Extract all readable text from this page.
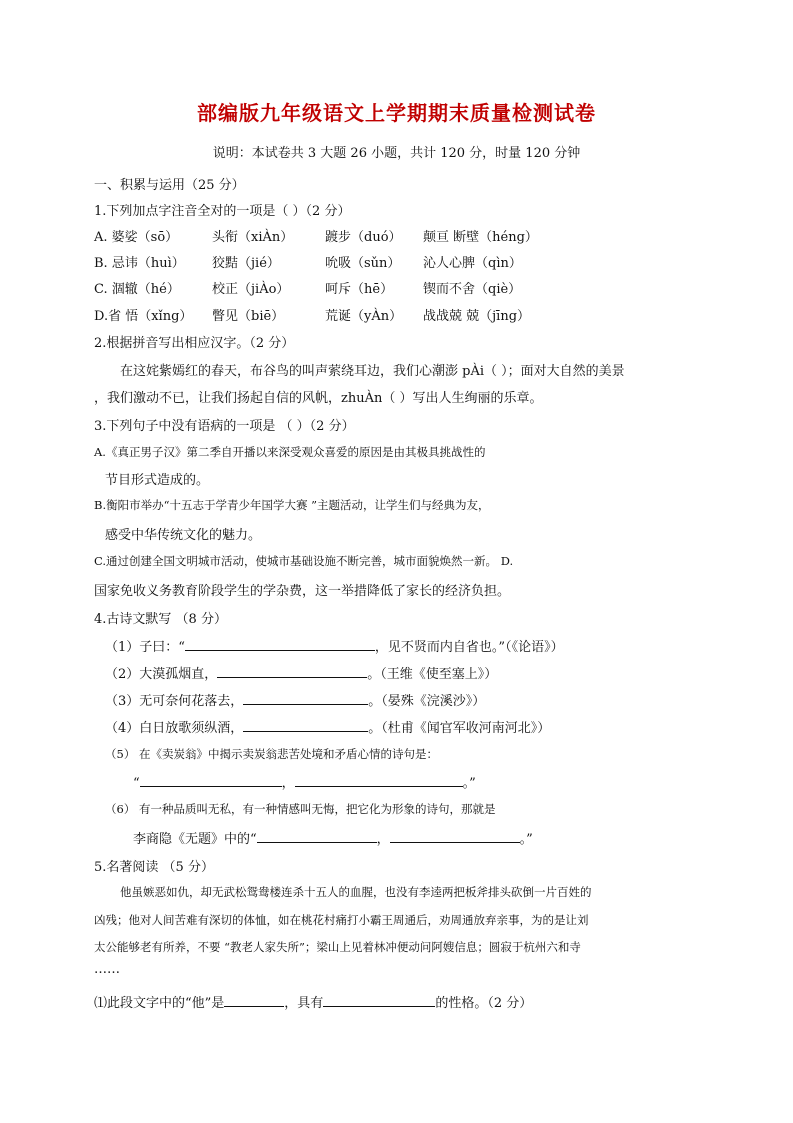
部编版九年级语文上学期期末质量检测试卷
说明：本试卷共 3 大题 26 小题，共计 120 分，时量 120 分钟
一、积累与运用（25 分）
1.下列加点字注音全对的一项是（ ）（2 分）
A. 婆娑（sō）	头衔（xiÀn） 踱步（duó） 颠亘 断壁（héng）
B. 忌讳（huì） 狡黠（jié）	吮吸（sǔn） 沁人心脾（qìn）
C. 涸辙（hé） 校正（jiÀo）	呵斥（hē） 锲而不舍（qiè）
D.省 悟（xǐng） 瞥见（biē）	荒诞（yÀn） 战战兢 兢（jīng）
2.根据拼音写出相应汉字。（2 分）
在这姹紫嫣红的春天，布谷鸟的叫声萦绕耳边，我们心潮澎 pÀi（ ）；面对大自然的美景
，我们激动不已，让我们扬起自信的风帆，zhuÀn（ ）写出人生绚丽的乐章。
3.下列句子中没有语病的一项是 （ ）（2 分）
A.《真正男子汉》第二季自开播以来深受观众喜爱的原因是由其极具挑战性的
节目形式造成的。
B.衡阳市举办“十五志于学青少年国学大赛 ”主题活动，让学生们与经典为友，
感受中华传统文化的魅力。
C.通过创建全国文明城市活动，使城市基础设施不断完善，城市面貌焕然一新。 D.
国家免收义务教育阶段学生的学杂费，这一举措降低了家长的经济负担。
4.古诗文默写 （8 分）
（1）子曰：“	，见不贤而内自省也。”（《论语》）
（2）大漠孤烟直，	。（王维《使至塞上》）
（3）无可奈何花落去，	。（晏殊《浣溪沙》）
（4）白日放歌须纵酒，	。（杜甫《闻官军收河南河北》）
（5） 在《卖炭翁》中揭示卖炭翁悲苦处境和矛盾心情的诗句是：
“	，	。”
（6） 有一种品质叫无私，有一种情感叫无悔，把它化为形象的诗句，那就是
李商隐《无题》中的“	，	。”
5.名著阅读 （5 分）
他虽嫉恶如仇，却无武松鸳鸯楼连杀十五人的血腥，也没有李逵两把板斧排头砍倒一片百姓的
凶残；他对人间苦难有深切的体恤，如在桃花村痛打小霸王周通后，劝周通放弃亲事，为的是让刘
太公能够老有所养，不要 “教老人家失所”；梁山上见着林冲便动问阿嫂信息；圆寂于杭州六和寺
……
⑴此段文字中的“他”是	，具有	的性格。（2 分）
